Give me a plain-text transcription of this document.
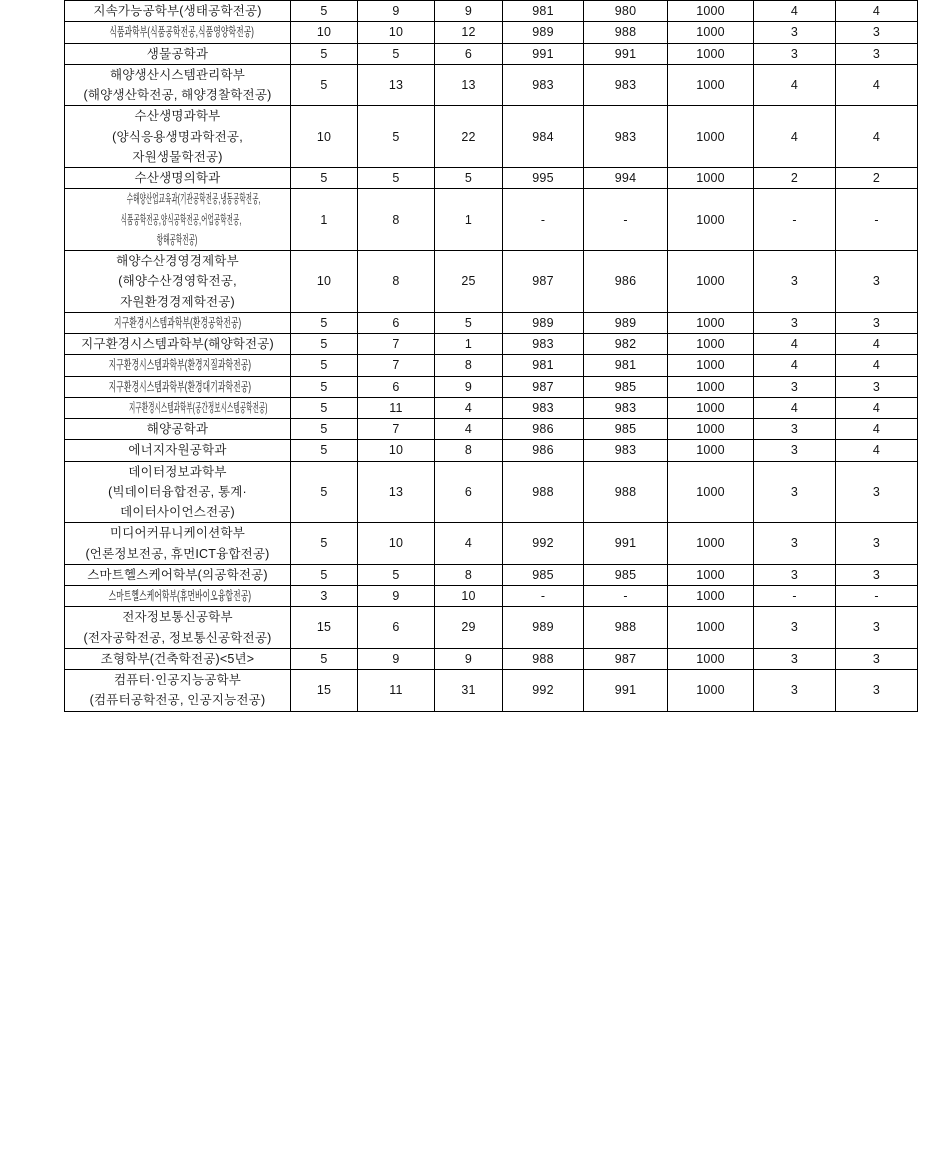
지속가능공학부(생태공학전공)	5	9	9	981	980	1000	4	4

식품과학부(식품공학전공,식품영양학전공)	10	10	12	989	988	1000	3	3

생물공학과	5	5	6	991	991	1000	3	3

해양생산시스템관리학부
(해양생산학전공, 해양경찰학전공)	5	13	13	983	983	1000	4	4

수산생명과학부
(양식응용생명과학전공,
자원생물학전공)	10	5	22	984	983	1000	4	4

수산생명의학과	5	5	5	995	994	1000	2	2

수해양산업교육과(기관공학전공,냉동공학전공,
식품공학전공,양식공학전공,어업공학전공,
항해공학전공)	1	8	1	-	-	1000	-	-

해양수산경영경제학부
(해양수산경영학전공,
자원환경경제학전공)	10	8	25	987	986	1000	3	3

지구환경시스템과학부(환경공학전공)	5	6	5	989	989	1000	3	3

지구환경시스템과학부(해양학전공)	5	7	1	983	982	1000	4	4

지구환경시스템과학부(환경지질과학전공)	5	7	8	981	981	1000	4	4

지구환경시스템과학부(환경대기과학전공)	5	6	9	987	985	1000	3	3

지구환경시스템과학부(공간정보시스템공학전공)	5	11	4	983	983	1000	4	4

해양공학과	5	7	4	986	985	1000	3	4

에너지자원공학과	5	10	8	986	983	1000	3	4

데이터정보과학부
(빅데이터융합전공, 통계·
데이터사이언스전공)	5	13	6	988	988	1000	3	3

미디어커뮤니케이션학부
(언론정보전공, 휴먼ICT융합전공)	5	10	4	992	991	1000	3	3

스마트헬스케어학부(의공학전공)	5	5	8	985	985	1000	3	3

스마트헬스케어학부(휴먼바이오융합전공)	3	9	10	-	-	1000	-	-

전자정보통신공학부
(전자공학전공, 정보통신공학전공)	15	6	29	989	988	1000	3	3

조형학부(건축학전공)<5년>	5	9	9	988	987	1000	3	3

컴퓨터·인공지능공학부
(컴퓨터공학전공, 인공지능전공)	15	11	31	992	991	1000	3	3
